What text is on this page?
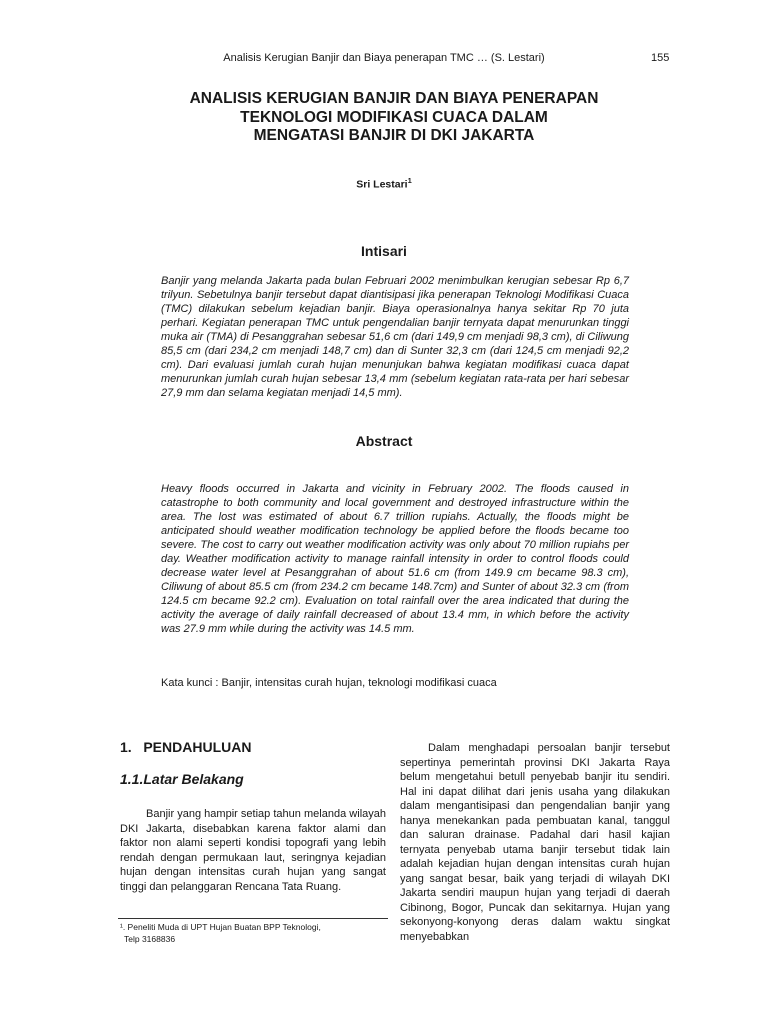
Analisis Kerugian Banjir dan Biaya penerapan TMC … (S. Lestari)	155
ANALISIS KERUGIAN BANJIR DAN BIAYA PENERAPAN
TEKNOLOGI MODIFIKASI CUACA DALAM
MENGATASI BANJIR DI DKI JAKARTA
Sri Lestari$^1$
Intisari

Banjir yang melanda Jakarta pada bulan Februari 2002 menimbulkan kerugian sebesar Rp 6,7 trilyun. Sebetulnya banjir tersebut dapat diantisipasi jika penerapan Teknologi Modifikasi Cuaca (TMC) dilakukan sebelum kejadian banjir. Biaya operasionalnya hanya sekitar Rp 70 juta perhari. Kegiatan penerapan TMC untuk pengendalian banjir ternyata dapat menurunkan tinggi muka air (TMA) di Pesanggrahan sebesar 51,6 cm (dari 149,9 cm menjadi 98,3 cm), di Ciliwung 85,5 cm (dari 234,2 cm menjadi 148,7 cm) dan di Sunter 32,3 cm (dari 124,5 cm menjadi 92,2 cm). Dari evaluasi jumlah curah hujan menunjukan bahwa kegiatan modifikasi cuaca dapat menurunkan jumlah curah hujan sebesar 13,4 mm (sebelum kegiatan rata-rata per hari sebesar 27,9 mm dan selama kegiatan menjadi 14,5 mm).

Abstract

Heavy floods occurred in Jakarta and vicinity in February 2002. The floods caused in catastrophe to both community and local government and destroyed infrastructure within the area. The lost was estimated of about 6.7 trillion rupiahs. Actually, the floods might be anticipated should weather modification technology be applied before the floods became too severe. The cost to carry out weather modification activity was only about 70 million rupiahs per day. Weather modification activity to manage rainfall intensity in order to control floods could decrease water level at Pesanggrahan of about 51.6 cm (from 149.9 cm became 98.3 cm), Ciliwung of about 85.5 cm (from 234.2 cm became 148.7cm) and Sunter of about 32.3 cm (from 124.5 cm became 92.2 cm). Evaluation on total rainfall over the area indicated that during the activity the average of daily rainfall decreased of about 13.4 mm, in which before the activity was 27.9 mm while during the activity was 14.5 mm.

Kata kunci : Banjir, intensitas curah hujan, teknologi modifikasi cuaca
1.   PENDAHULUAN
1.1.Latar Belakang

Banjir yang hampir setiap tahun melanda wilayah DKI Jakarta, disebabkan karena faktor alami dan faktor non alami seperti kondisi topografi yang lebih rendah dengan permukaan laut, seringnya kejadian hujan dengan intensitas curah hujan yang sangat tinggi dan pelanggaran Rencana Tata Ruang.

¹. Peneliti Muda di UPT Hujan Buatan BPP Teknologi,
Telp 3168836

Dalam menghadapi persoalan banjir tersebut sepertinya pemerintah provinsi DKI Jakarta Raya belum mengetahui betull penyebab banjir itu sendiri. Hal ini dapat dilihat dari jenis usaha yang dilakukan dalam mengantisipasi dan pengendalian banjir yang hanya menekankan pada pembuatan kanal, tanggul dan saluran drainase. Padahal dari hasil kajian ternyata penyebab utama banjir tersebut tidak lain adalah kejadian hujan dengan intensitas curah hujan yang sangat besar, baik yang terjadi di wilayah DKI Jakarta sendiri maupun hujan yang terjadi di daerah Cibinong, Bogor, Puncak dan sekitarnya. Hujan yang sekonyong-konyong deras dalam waktu singkat menyebabkan
